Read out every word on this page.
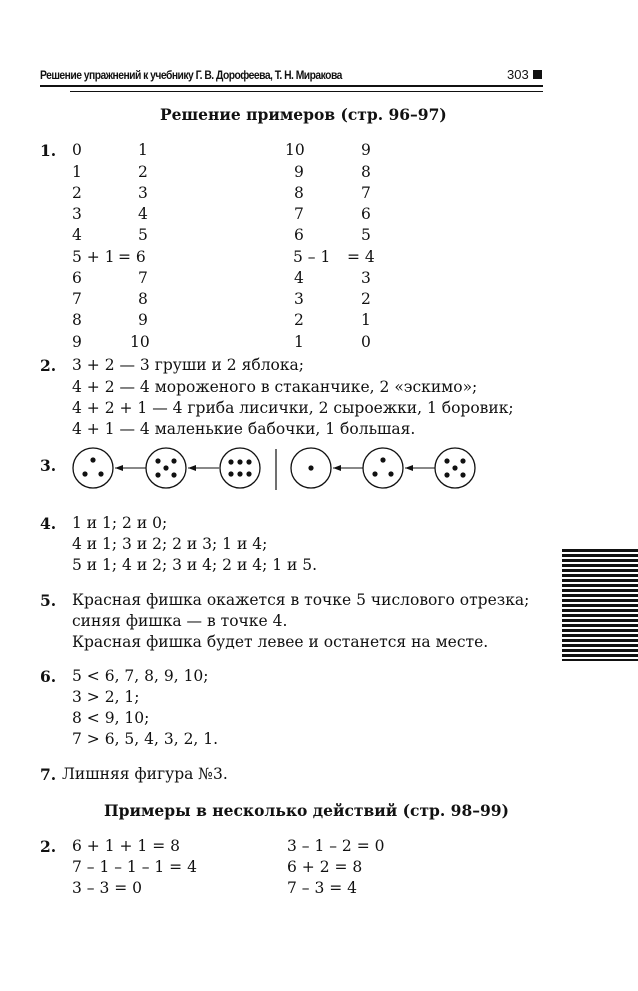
Решение упражнений к учебнику Г. В. Дорофеева, Т. Н. Миракова	303
Решение примеров (стр. 96–97)
1. 0
1
2
3
4
5 + 1
6
7
8
9
1
2
3
4
5
= 6
7
8
9
10
10
9
8
7
6
5 – 1
4
3
2
1
9
8
7
6
5
= 4
3
2
1
0
2. 3 + 2 — 3 груши и 2 яблока;
4 + 2 — 4 мороженого в стаканчике, 2 «эскимо»;
4 + 2 + 1 — 4 гриба лисички, 2 сыроежки, 1 боровик;
4 + 1 — 4 маленькие бабочки, 1 большая.
3.
4. 1 и 1; 2 и 0;
4 и 1; 3 и 2; 2 и 3; 1 и 4;
5 и 1; 4 и 2; 3 и 4; 2 и 4; 1 и 5.
5. Красная фишка окажется в точке 5 числового отрезка;
синяя фишка — в точке 4.
Красная фишка будет левее и останется на месте.
6. 5 < 6, 7, 8, 9, 10;
3 > 2, 1;
8 < 9, 10;
7 > 6, 5, 4, 3, 2, 1.
7. Лишняя фигура №3.
Примеры в несколько действий (стр. 98–99)
2. 6 + 1 + 1 = 8
7 – 1 – 1 – 1 = 4
3 – 3 = 0
3 – 1 – 2 = 0
6 + 2 = 8
7 – 3 = 4
